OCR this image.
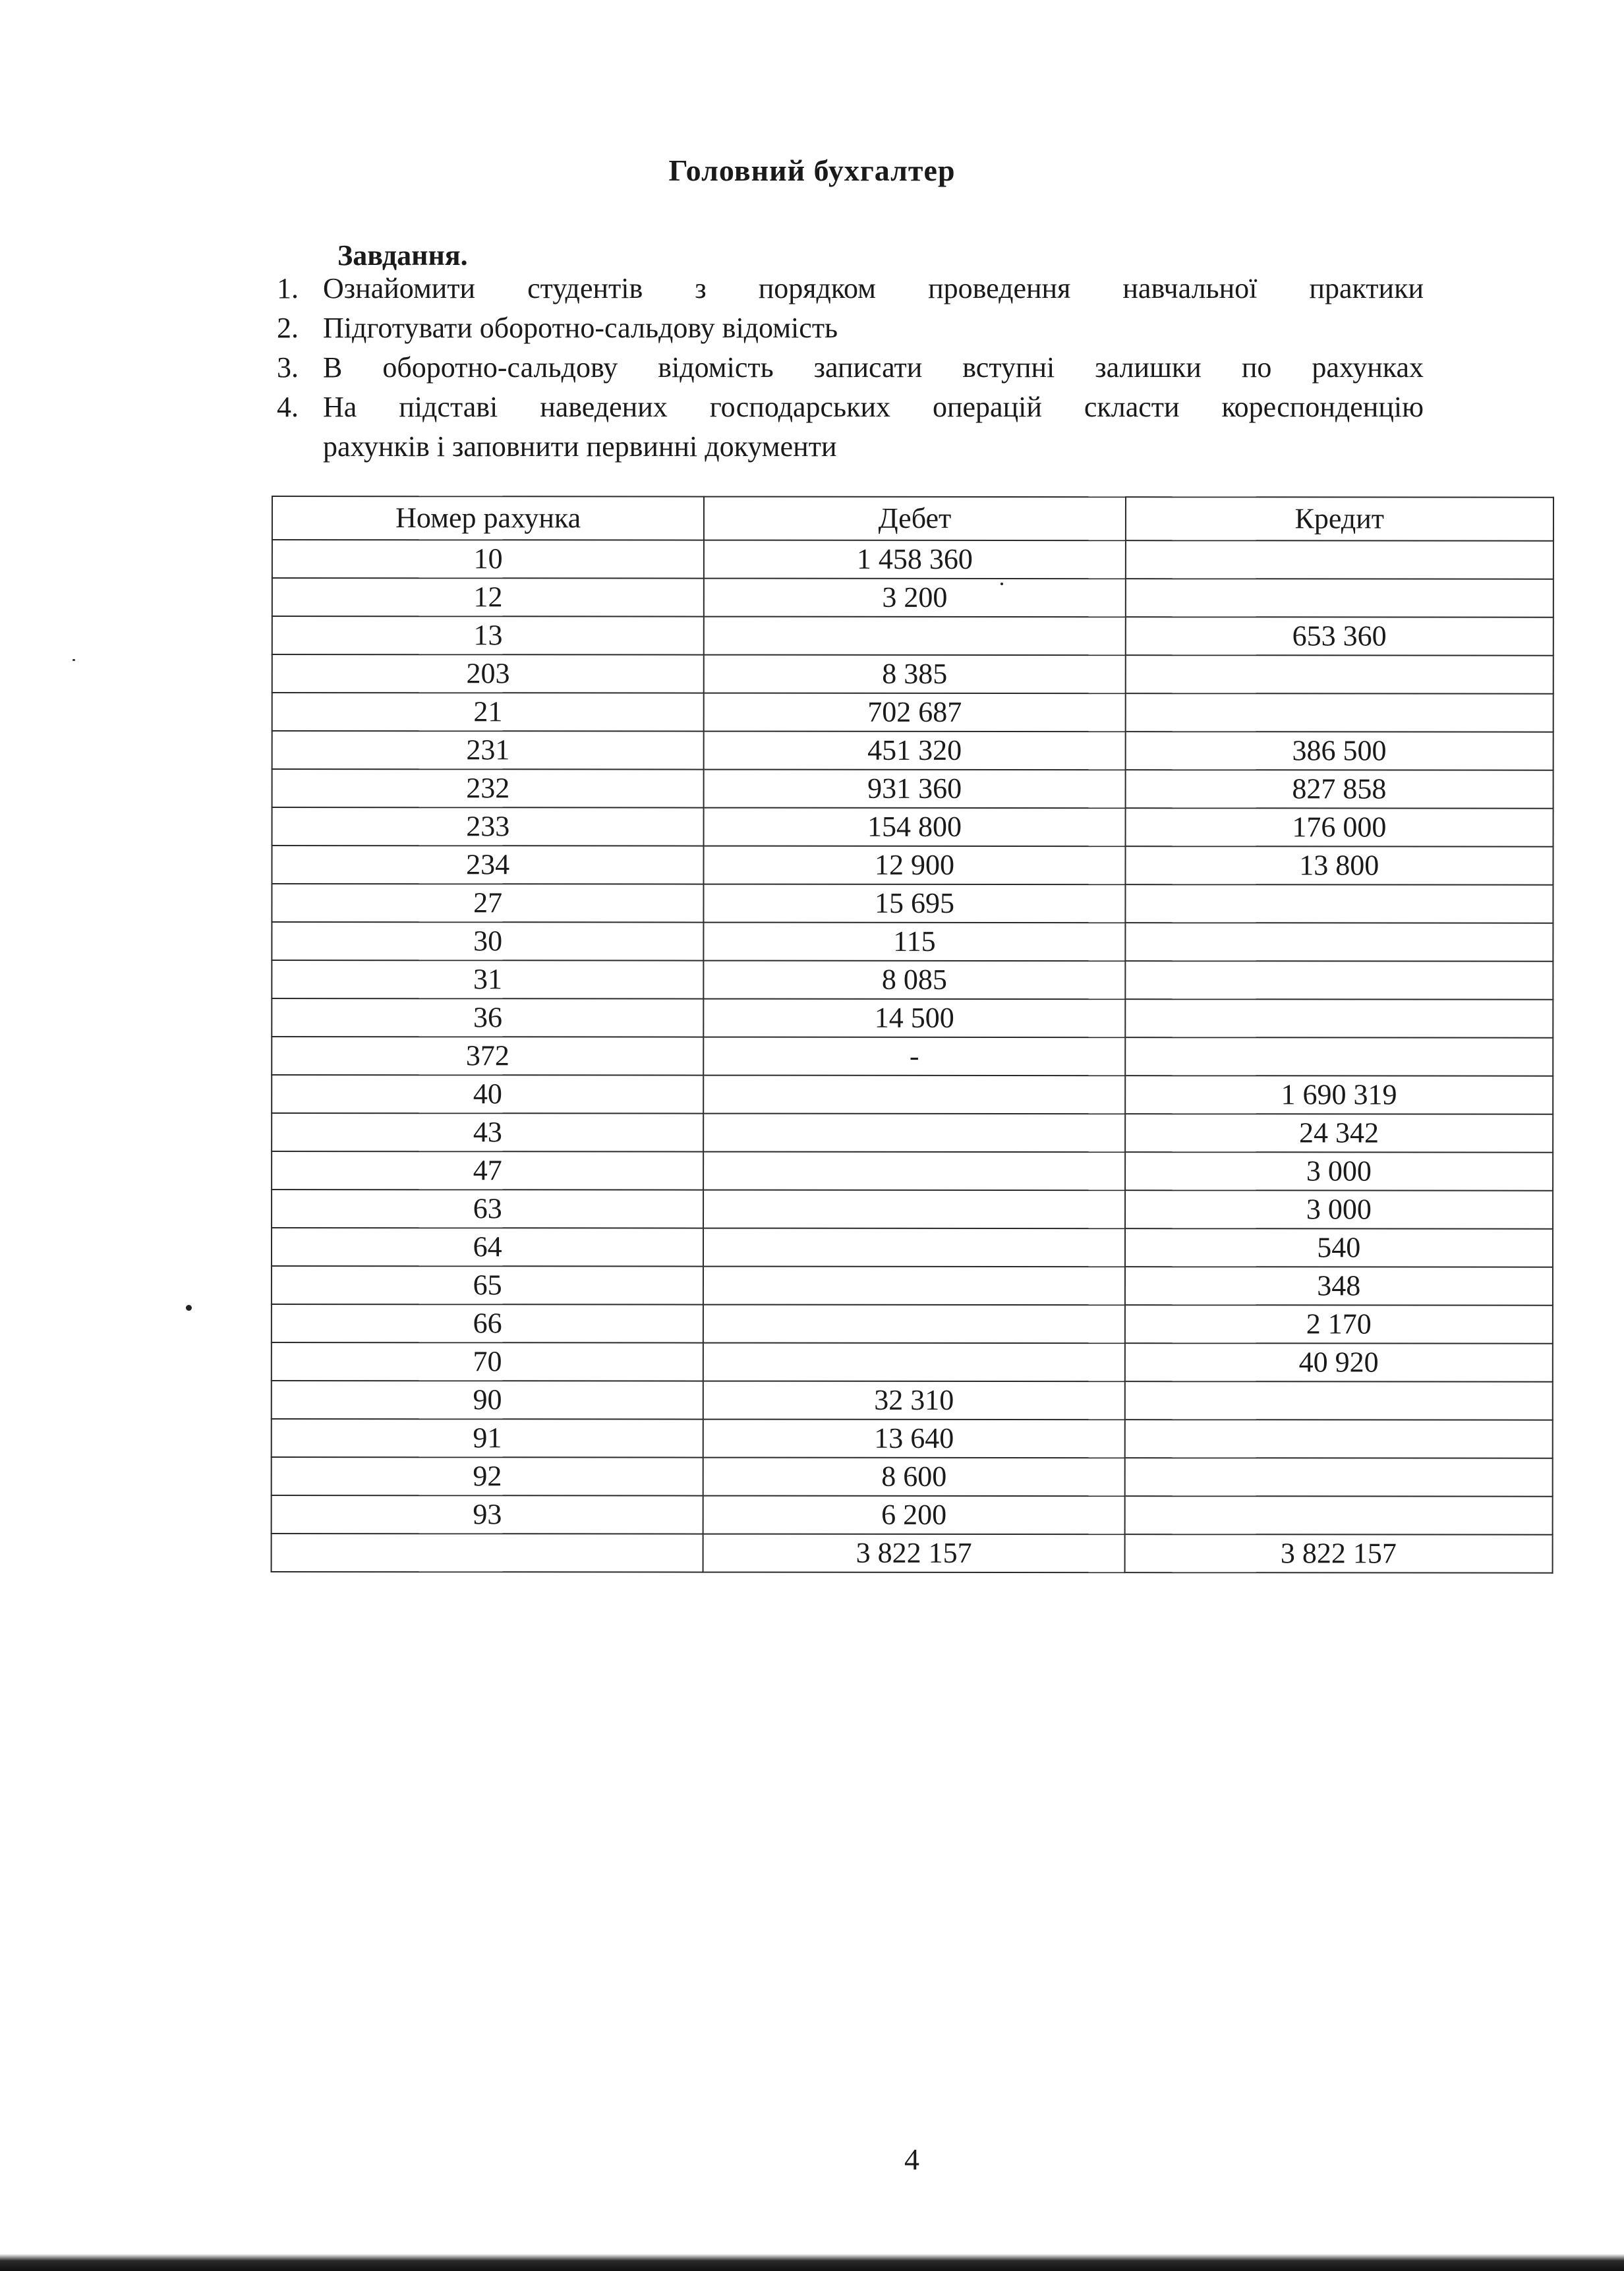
Головний бухгалтер

Завдання.

1. Ознайомити студентів з порядком проведення навчальної практики
2. Підготувати оборотно-сальдову відомість
3. В оборотно-сальдову відомість записати вступні залишки по рахунках
4. На підставі наведених господарських операцій скласти кореспонденцію
рахунків і заповнити первинні документи
Номер рахунка	Дебет	Кредит
10	1 458 360	
12	3 200	
13		653 360
203	8 385	
21	702 687	
231	451 320	386 500
232	931 360	827 858
233	154 800	176 000
234	12 900	13 800
27	15 695	
30	115	
31	8 085	
36	14 500	
372	-	
40		1 690 319
43		24 342
47		3 000
63		3 000
64		540
65		348
66		2 170
70		40 920
90	32 310	
91	13 640	
92	8 600	
93	6 200	
	3 822 157	3 822 157
4
